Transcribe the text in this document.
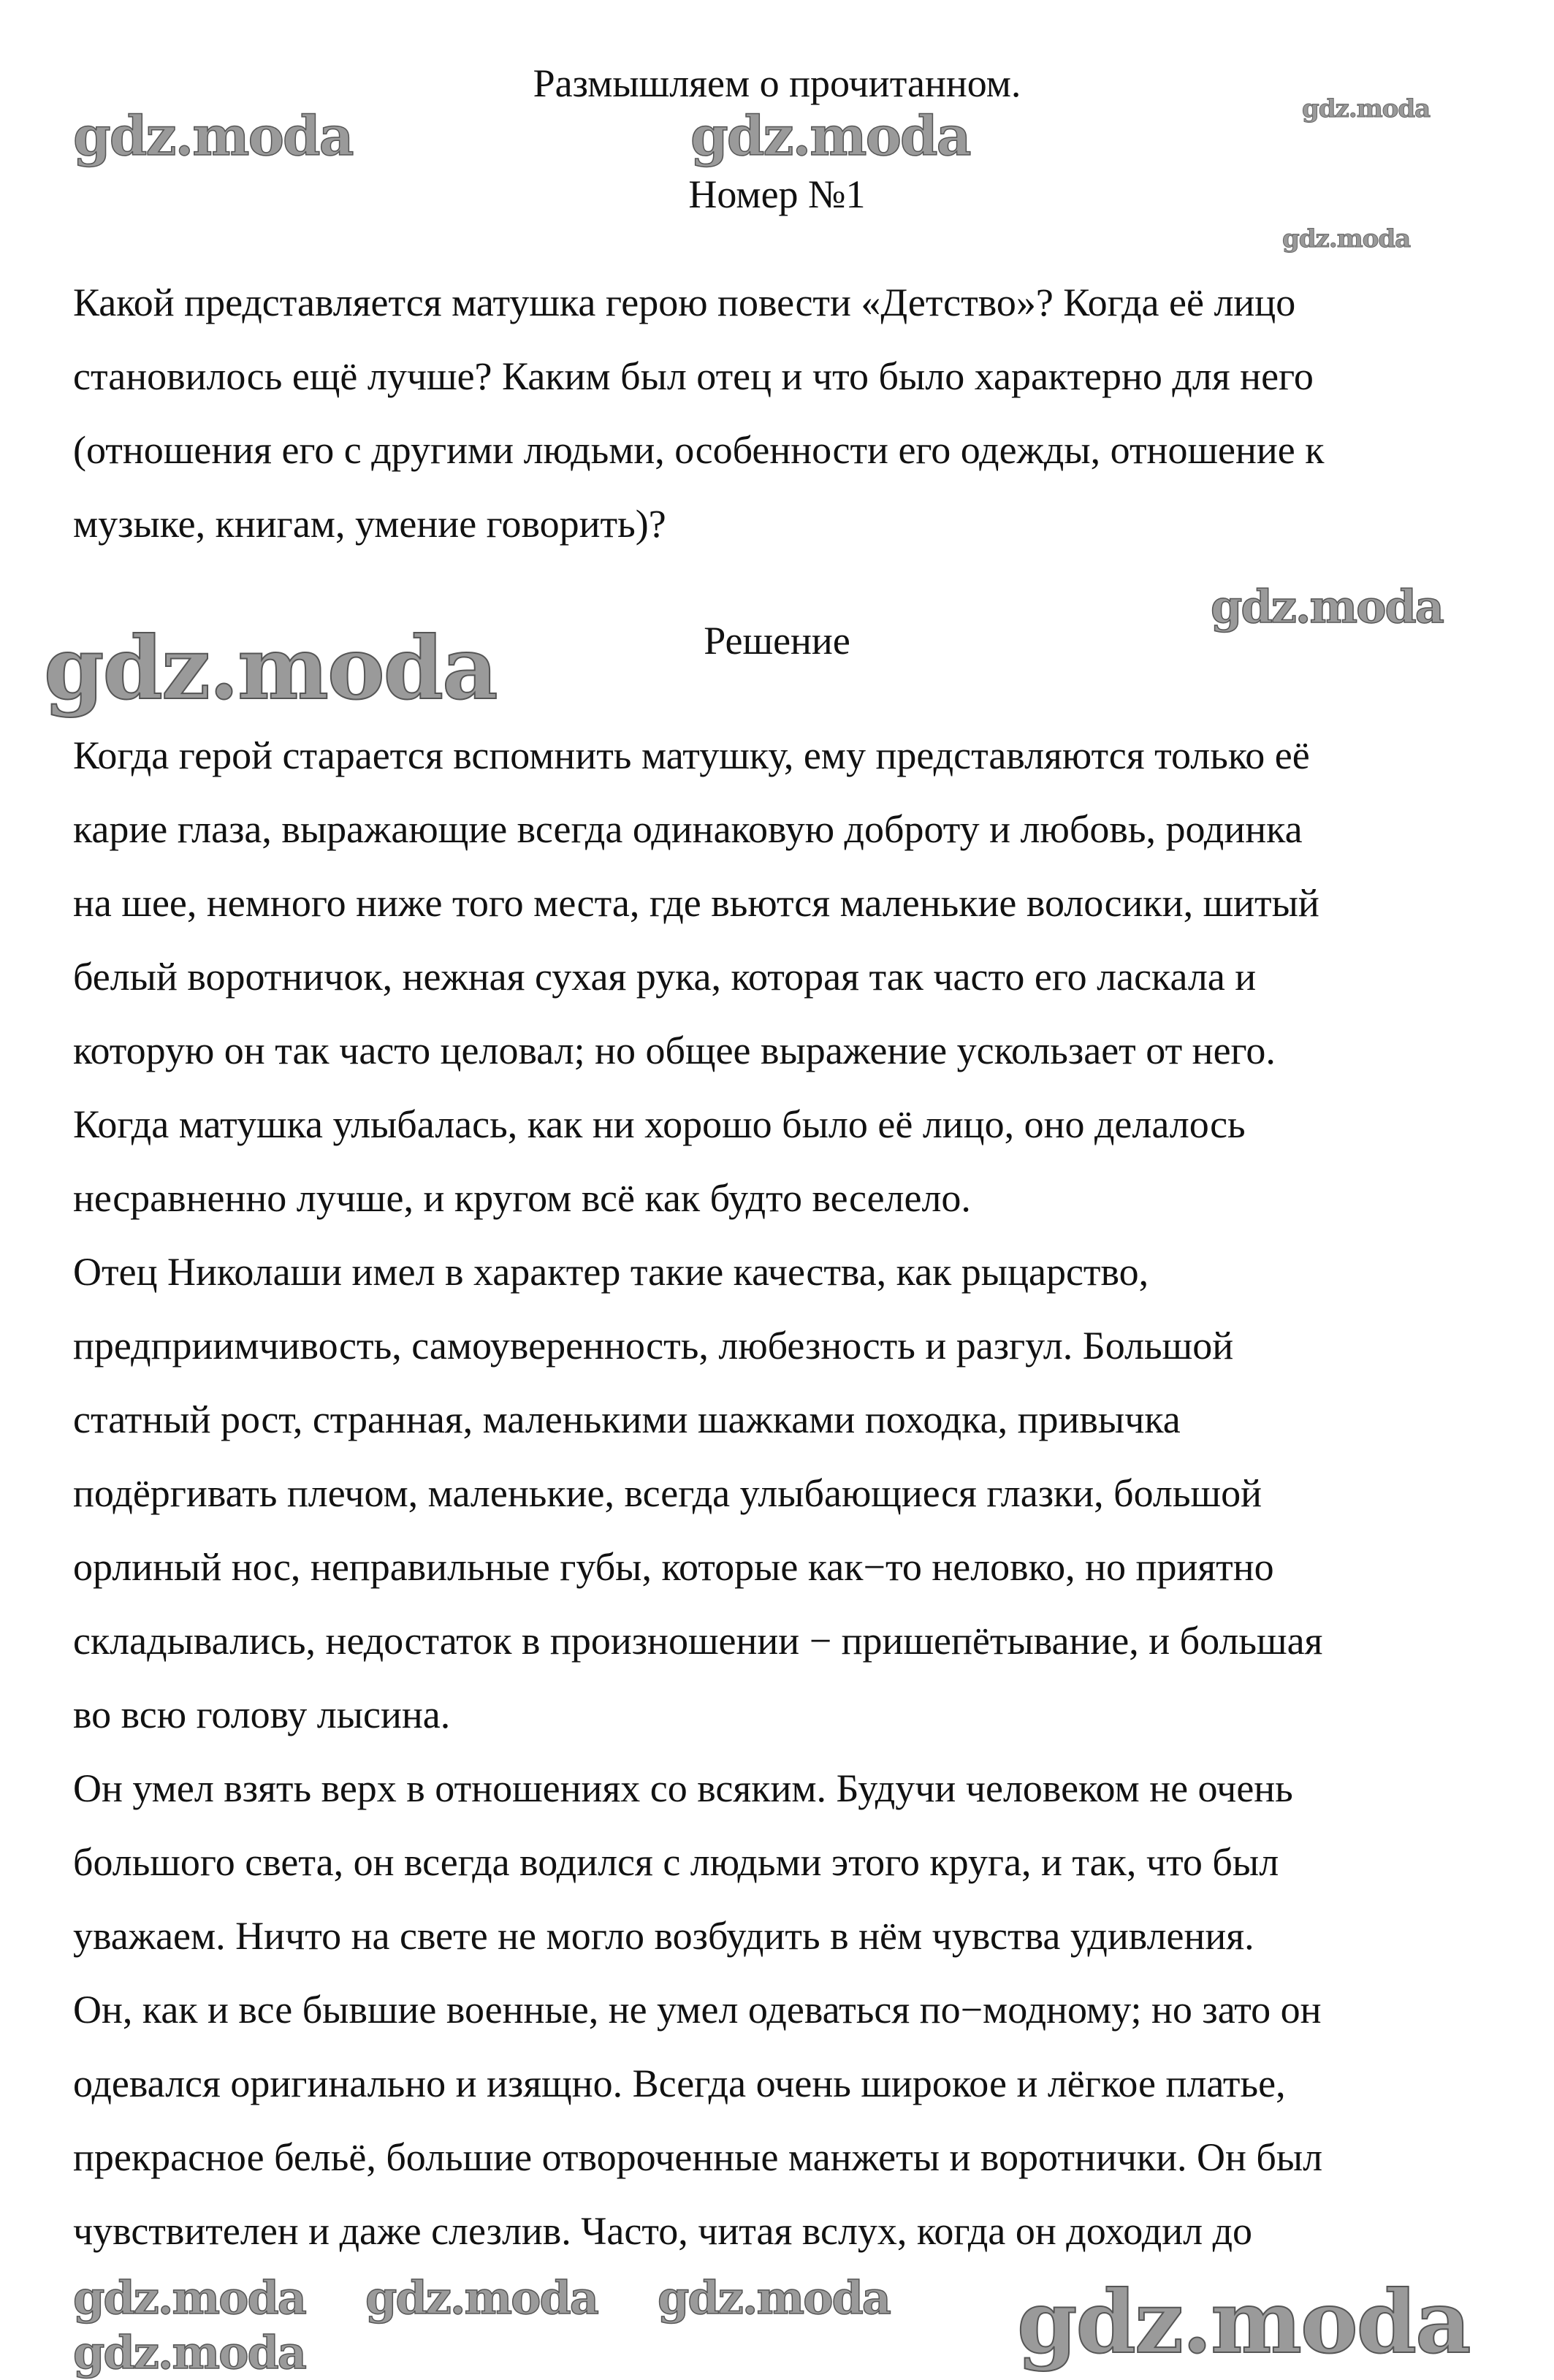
Размышляем о прочитанном.
Номер №1
Какой представляется матушка герою повести «Детство»? Когда её лицо
становилось ещё лучше? Каким был отец и что было характерно для него
(отношения его с другими людьми, особенности его одежды, отношение к
музыке, книгам, умение говорить)?
Решение
Когда герой старается вспомнить матушку, ему представляются только её
карие глаза, выражающие всегда одинаковую доброту и любовь, родинка
на шее, немного ниже того места, где вьются маленькие волосики, шитый
белый воротничок, нежная сухая рука, которая так часто его ласкала и
которую он так часто целовал; но общее выражение ускользает от него.
Когда матушка улыбалась, как ни хорошо было её лицо, оно делалось
несравненно лучше, и кругом всё как будто веселело.
Отец Николаши имел в характер такие качества, как рыцарство,
предприимчивость, самоуверенность, любезность и разгул. Большой
статный рост, странная, маленькими шажками походка, привычка
подёргивать плечом, маленькие, всегда улыбающиеся глазки, большой
орлиный нос, неправильные губы, которые как−то неловко, но приятно
складывались, недостаток в произношении − пришепётывание, и большая
во всю голову лысина.
Он умел взять верх в отношениях со всяким. Будучи человеком не очень
большого света, он всегда водился с людьми этого круга, и так, что был
уважаем. Ничто на свете не могло возбудить в нём чувства удивления.
Он, как и все бывшие военные, не умел одеваться по−модному; но зато он
одевался оригинально и изящно. Всегда очень широкое и лёгкое платье,
прекрасное бельё, большие отвороченные манжеты и воротнички. Он был
чувствителен и даже слезлив. Часто, читая вслух, когда он доходил до
gdz.moda	gdz.moda	gdz.moda
gdz.moda
gdz.moda
gdz.moda
gdz.moda gdz.moda	gdz.moda
gdz.moda
gdz.moda
